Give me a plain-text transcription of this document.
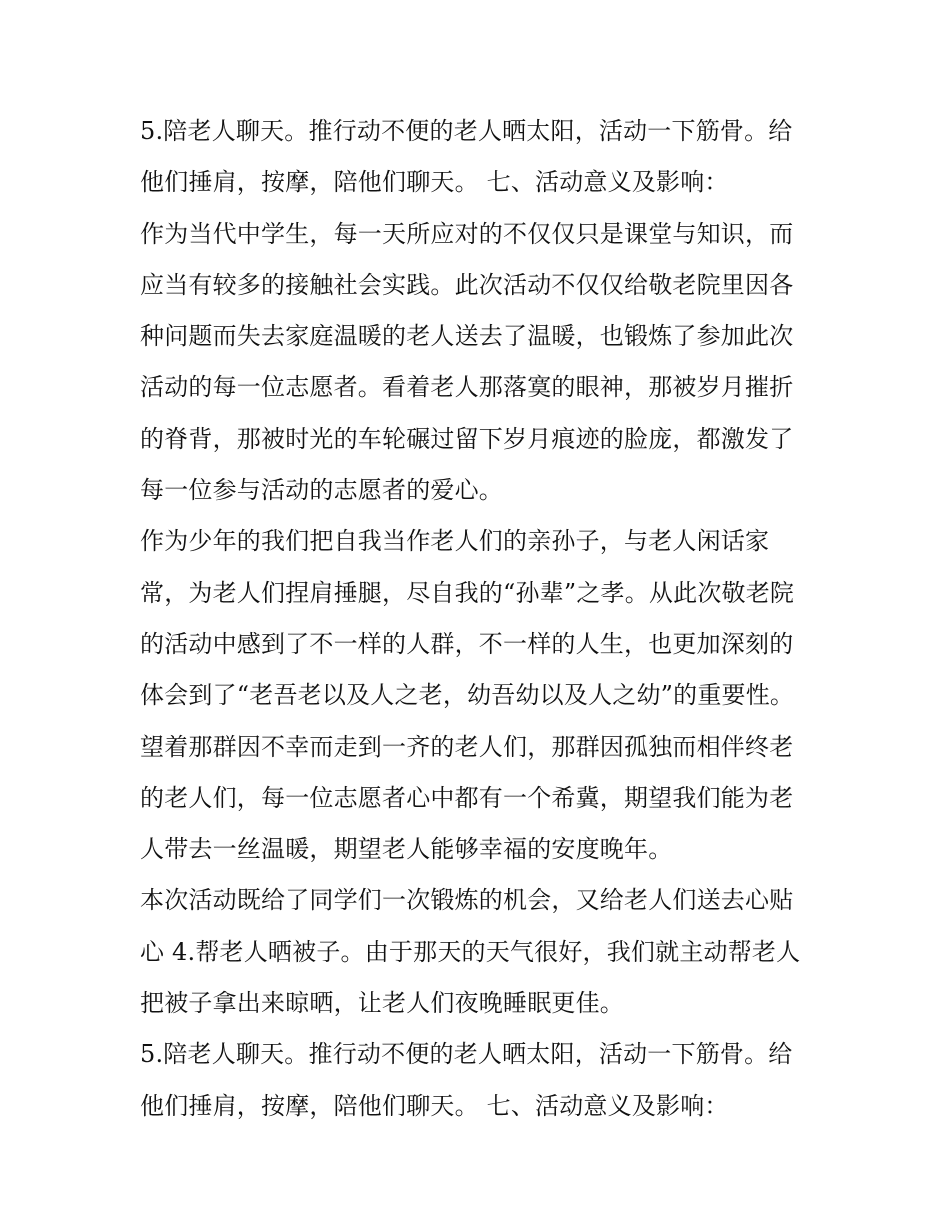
5.陪老人聊天。推行动不便的老人晒太阳，活动一下筋骨。给
他们捶肩，按摩，陪他们聊天。 七、活动意义及影响：
作为当代中学生，每一天所应对的不仅仅只是课堂与知识，而
应当有较多的接触社会实践。此次活动不仅仅给敬老院里因各
种问题而失去家庭温暖的老人送去了温暖，也锻炼了参加此次
活动的每一位志愿者。看着老人那落寞的眼神，那被岁月摧折
的脊背，那被时光的车轮碾过留下岁月痕迹的脸庞，都激发了
每一位参与活动的志愿者的爱心。
作为少年的我们把自我当作老人们的亲孙子，与老人闲话家
常，为老人们捏肩捶腿，尽自我的“孙辈”之孝。从此次敬老院
的活动中感到了不一样的人群，不一样的人生，也更加深刻的
体会到了“老吾老以及人之老，幼吾幼以及人之幼”的重要性。
望着那群因不幸而走到一齐的老人们，那群因孤独而相伴终老
的老人们，每一位志愿者心中都有一个希冀，期望我们能为老
人带去一丝温暖，期望老人能够幸福的安度晚年。
本次活动既给了同学们一次锻炼的机会，又给老人们送去心贴
心 4.帮老人晒被子。由于那天的天气很好，我们就主动帮老人
把被子拿出来晾晒，让老人们夜晚睡眠更佳。
5.陪老人聊天。推行动不便的老人晒太阳，活动一下筋骨。给
他们捶肩，按摩，陪他们聊天。 七、活动意义及影响：
